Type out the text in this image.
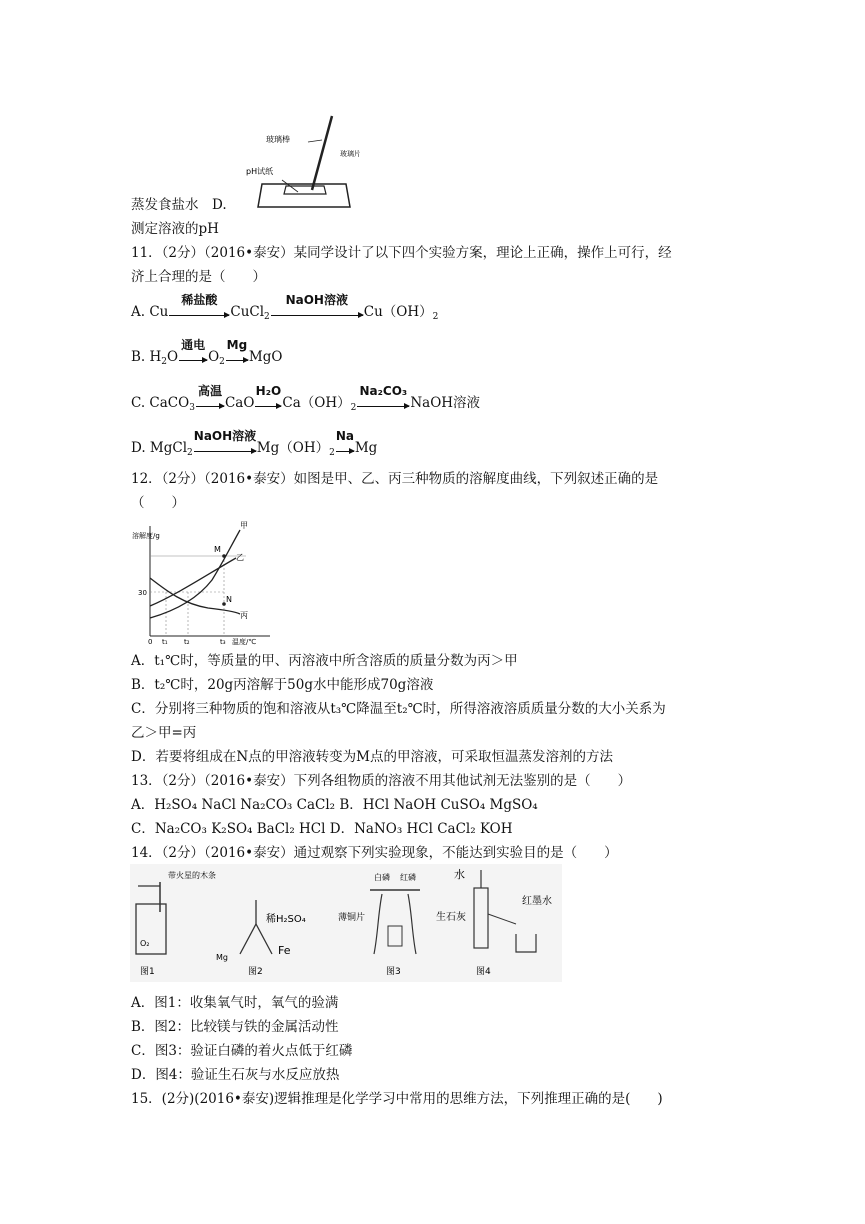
玻璃棒
pH试纸
玻璃片
蒸发食盐水　D.
测定溶液的pH
11．（2分）（2016•泰安）某同学设计了以下四个实验方案，理论上正确，操作上可行，经
济上合理的是（　　）
A. Cu
稀盐酸
CuCl$_2$
NaOH溶液
$Cu(OH)_2$
B. $H_2O$
通电
$O_2$
Mg
MgO
C. CaCO$_3$
高温
CaO
H₂O
$Ca(OH)_2$
Na₂CO₃
NaOH溶液
D. MgCl$_2$
NaOH溶液
$Mg(OH)_2$
Na
Mg
12．（2分）（2016•泰安）如图是甲、乙、丙三种物质的溶解度曲线，下列叙述正确的是
（　　）
溶解度/g
甲
乙
丙
M
N
30
0 t₁ t₂	t₃ 温度/℃
A．t₁℃时，等质量的甲、丙溶液中所含溶质的质量分数为丙＞甲
B．t₂℃时，20g丙溶解于50g水中能形成70g溶液
C．分别将三种物质的饱和溶液从t₃℃降温至t₂℃时，所得溶液溶质质量分数的大小关系为
乙＞甲=丙
D．若要将组成在N点的甲溶液转变为M点的甲溶液，可采取恒温蒸发溶剂的方法
13．（2分）（2016•泰安）下列各组物质的溶液不用其他试剂无法鉴别的是（　　）
A．H₂SO₄ NaCl Na₂CO₃ CaCl₂ B．HCl NaOH CuSO₄ MgSO₄
C．Na₂CO₃ K₂SO₄ BaCl₂ HCl D．NaNO₃ HCl CaCl₂ KOH
14．（2分）（2016•泰安）通过观察下列实验现象，不能达到实验目的是（　　）
带火星的木条
O₂
图1
稀H₂SO₄
Mg
Fe
图2
白磷 红磷
薄铜片
图3
水
生石灰
红墨水
图4
A．图1：收集氧气时，氧气的验满
B．图2：比较镁与铁的金属活动性
C．图3：验证白磷的着火点低于红磷
D．图4：验证生石灰与水反应放热
15．(2分)(2016•泰安)逻辑推理是化学学习中常用的思维方法，下列推理正确的是(　　)
